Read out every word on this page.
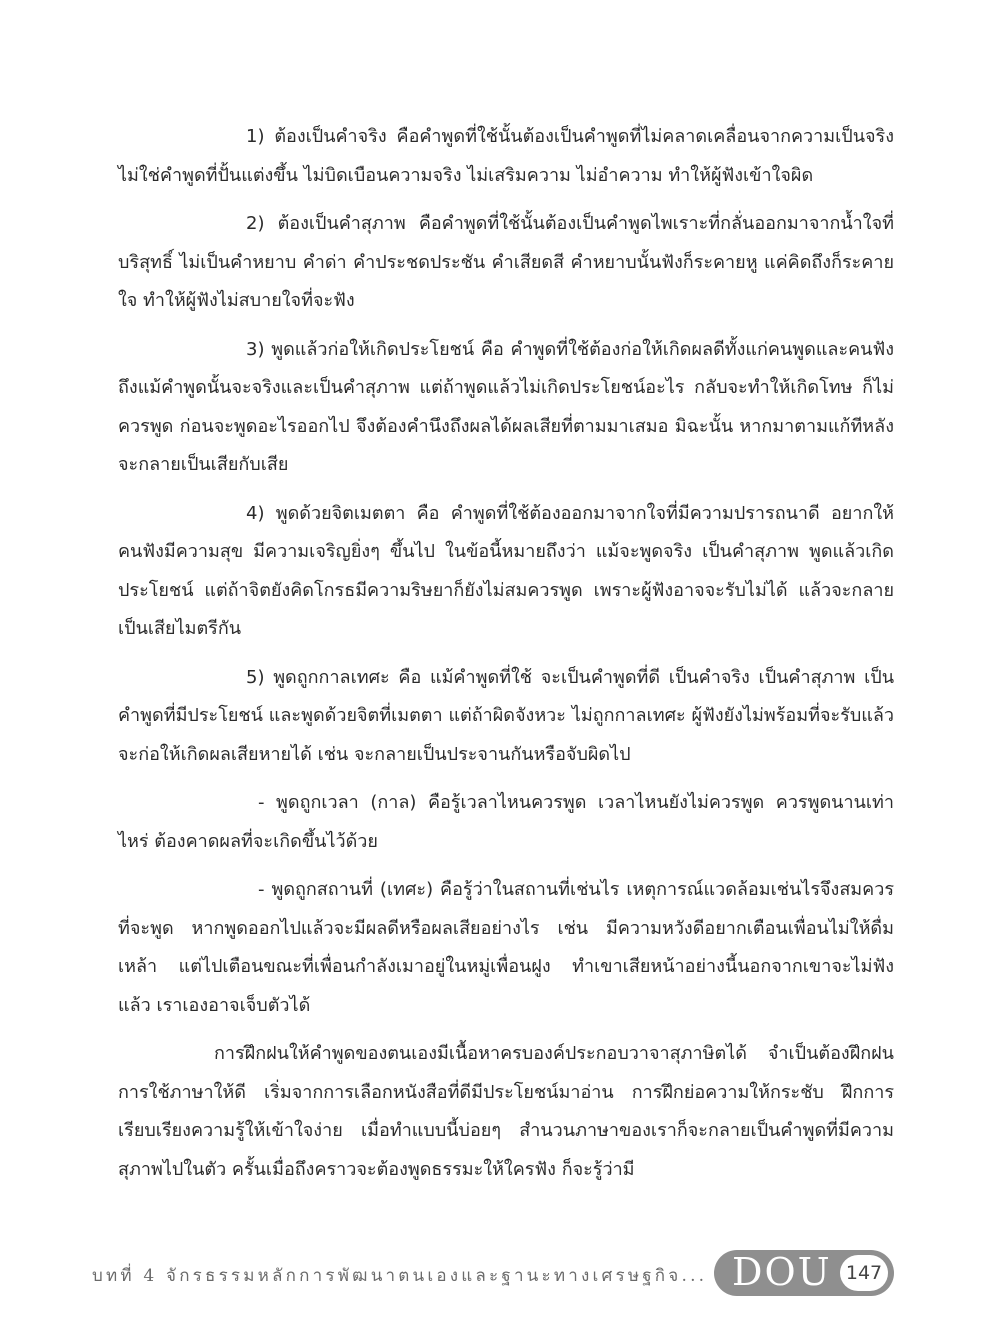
1) ต้องเป็นคำจริง คือคำพูดที่ใช้นั้นต้องเป็นคำพูดที่ไม่คลาดเคลื่อนจากความเป็นจริง ไม่ใช่คำพูดที่ปั้นแต่งขึ้น ไม่บิดเบือนความจริง ไม่เสริมความ ไม่อำความ ทำให้ผู้ฟังเข้าใจผิด

2) ต้องเป็นคำสุภาพ คือคำพูดที่ใช้นั้นต้องเป็นคำพูดไพเราะที่กลั่นออกมาจากน้ำใจที่บริสุทธิ์ ไม่เป็นคำหยาบ คำด่า คำประชดประชัน คำเสียดสี คำหยาบนั้นฟังก็ระคายหู แค่คิดถึงก็ระคายใจ ทำให้ผู้ฟังไม่สบายใจที่จะฟัง

3) พูดแล้วก่อให้เกิดประโยชน์ คือ คำพูดที่ใช้ต้องก่อให้เกิดผลดีทั้งแก่คนพูดและคนฟัง ถึงแม้คำพูดนั้นจะจริงและเป็นคำสุภาพ แต่ถ้าพูดแล้วไม่เกิดประโยชน์อะไร กลับจะทำให้เกิดโทษ ก็ไม่ควรพูด ก่อนจะพูดอะไรออกไป จึงต้องคำนึงถึงผลได้ผลเสียที่ตามมาเสมอ มิฉะนั้น หากมาตามแก้ทีหลัง จะกลายเป็นเสียกับเสีย

4) พูดด้วยจิตเมตตา คือ คำพูดที่ใช้ต้องออกมาจากใจที่มีความปรารถนาดี อยากให้คนฟังมีความสุข มีความเจริญยิ่งๆ ขึ้นไป ในข้อนี้หมายถึงว่า แม้จะพูดจริง เป็นคำสุภาพ พูดแล้วเกิดประโยชน์ แต่ถ้าจิตยังคิดโกรธมีความริษยาก็ยังไม่สมควรพูด เพราะผู้ฟังอาจจะรับไม่ได้ แล้วจะกลายเป็นเสียไมตรีกัน

5) พูดถูกกาลเทศะ คือ แม้คำพูดที่ใช้ จะเป็นคำพูดที่ดี เป็นคำจริง เป็นคำสุภาพ เป็นคำพูดที่มีประโยชน์ และพูดด้วยจิตที่เมตตา แต่ถ้าผิดจังหวะ ไม่ถูกกาลเทศะ ผู้ฟังยังไม่พร้อมที่จะรับแล้ว จะก่อให้เกิดผลเสียหายได้ เช่น จะกลายเป็นประจานกันหรือจับผิดไป

- พูดถูกเวลา (กาล) คือรู้เวลาไหนควรพูด เวลาไหนยังไม่ควรพูด ควรพูดนานเท่าไหร่ ต้องคาดผลที่จะเกิดขึ้นไว้ด้วย

- พูดถูกสถานที่ (เทศะ) คือรู้ว่าในสถานที่เช่นไร เหตุการณ์แวดล้อมเช่นไรจึงสมควรที่จะพูด หากพูดออกไปแล้วจะมีผลดีหรือผลเสียอย่างไร เช่น มีความหวังดีอยากเตือนเพื่อนไม่ให้ดื่มเหล้า แต่ไปเตือนขณะที่เพื่อนกำลังเมาอยู่ในหมู่เพื่อนฝูง ทำเขาเสียหน้าอย่างนี้นอกจากเขาจะไม่ฟังแล้ว เราเองอาจเจ็บตัวได้

การฝึกฝนให้คำพูดของตนเองมีเนื้อหาครบองค์ประกอบวาจาสุภาษิตได้ จำเป็นต้องฝึกฝนการใช้ภาษาให้ดี เริ่มจากการเลือกหนังสือที่ดีมีประโยชน์มาอ่าน การฝึกย่อความให้กระชับ ฝึกการเรียบเรียงความรู้ให้เข้าใจง่าย เมื่อทำแบบนี้บ่อยๆ สำนวนภาษาของเราก็จะกลายเป็นคำพูดที่มีความสุภาพไปในตัว ครั้นเมื่อถึงคราวจะต้องพูดธรรมะให้ใครฟัง ก็จะรู้ว่ามี

บทที่ 4 จักรธรรมหลักการพัฒนาตนเองและฐานะทางเศรษฐกิจ... DOU 147
